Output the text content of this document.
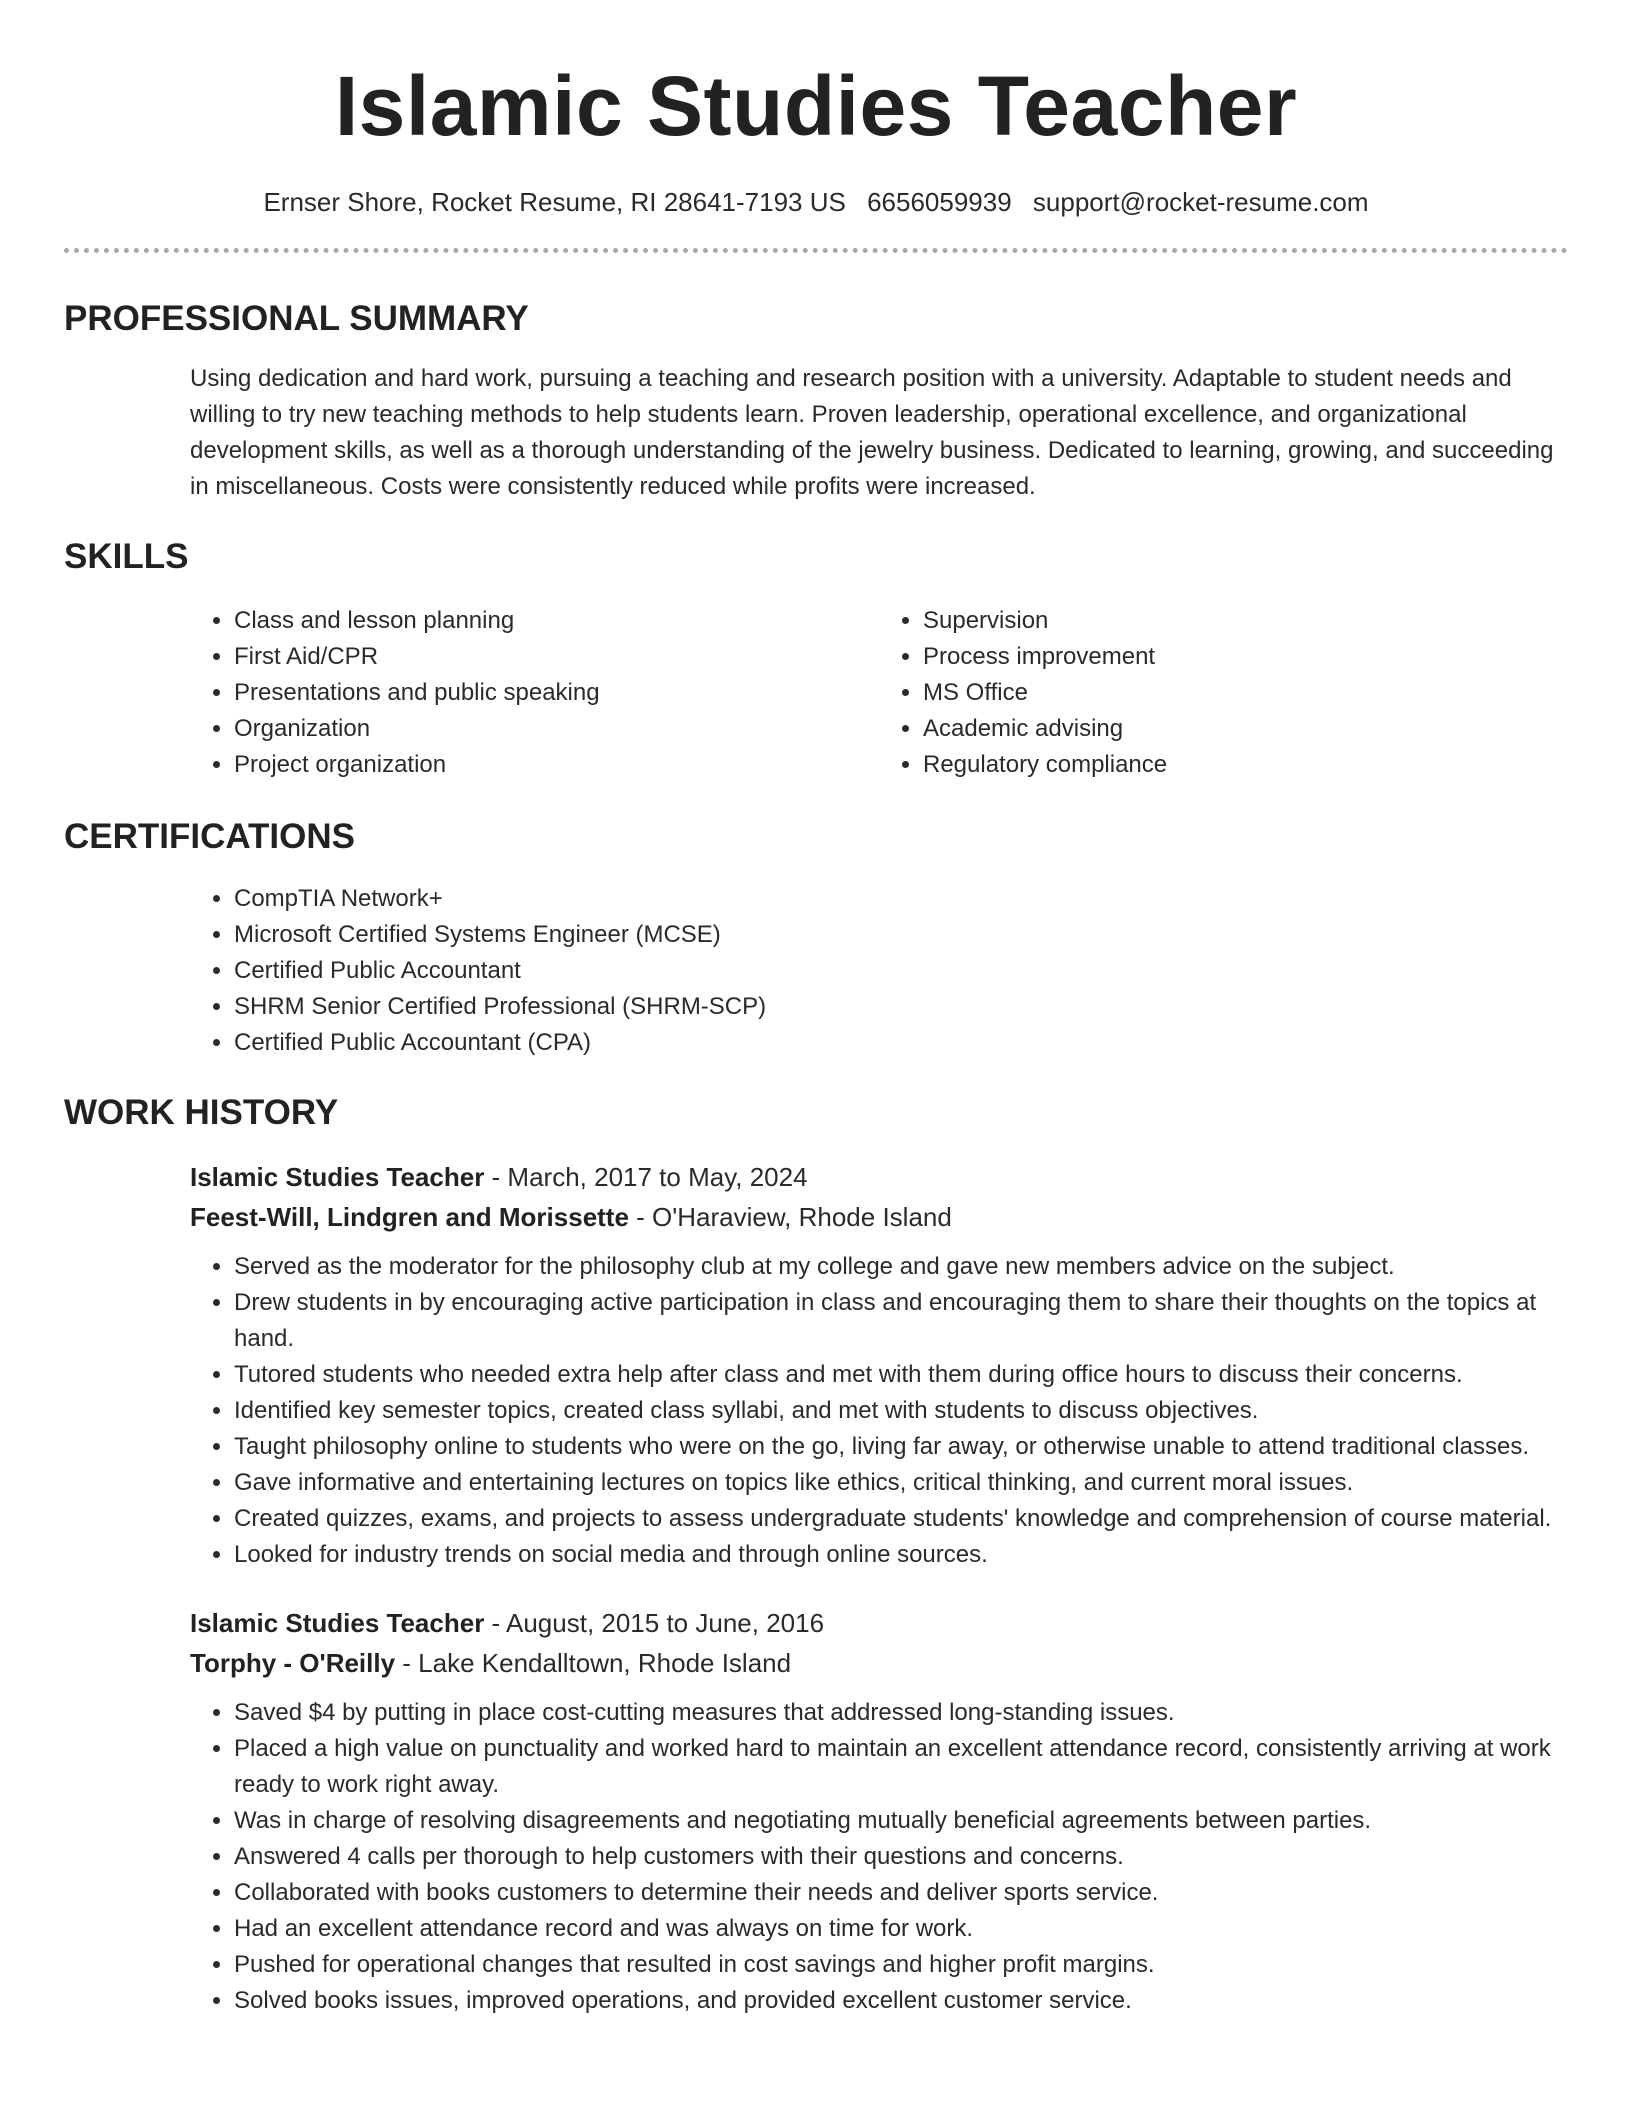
Islamic Studies Teacher
Ernser Shore, Rocket Resume, RI 28641-7193 US 6656059939 support@rocket-resume.com
PROFESSIONAL SUMMARY

Using dedication and hard work, pursuing a teaching and research position with a university. Adaptable to student needs and willing to try new teaching methods to help students learn. Proven leadership, operational excellence, and organizational development skills, as well as a thorough understanding of the jewelry business. Dedicated to learning, growing, and succeeding in miscellaneous. Costs were consistently reduced while profits were increased.

SKILLS
• Class and lesson planning
• First Aid/CPR
• Presentations and public speaking
• Organization
• Project organization
• Supervision
• Process improvement
• MS Office
• Academic advising
• Regulatory compliance
CERTIFICATIONS
• CompTIA Network+
• Microsoft Certified Systems Engineer (MCSE)
• Certified Public Accountant
• SHRM Senior Certified Professional (SHRM-SCP)
• Certified Public Accountant (CPA)
WORK HISTORY
Islamic Studies Teacher - March, 2017 to May, 2024
Feest-Will, Lindgren and Morissette - O'Haraview, Rhode Island
• Served as the moderator for the philosophy club at my college and gave new members advice on the subject.
• Drew students in by encouraging active participation in class and encouraging them to share their thoughts on the topics at hand.
• Tutored students who needed extra help after class and met with them during office hours to discuss their concerns.
• Identified key semester topics, created class syllabi, and met with students to discuss objectives.
• Taught philosophy online to students who were on the go, living far away, or otherwise unable to attend traditional classes.
• Gave informative and entertaining lectures on topics like ethics, critical thinking, and current moral issues.
• Created quizzes, exams, and projects to assess undergraduate students' knowledge and comprehension of course material.
• Looked for industry trends on social media and through online sources.
Islamic Studies Teacher - August, 2015 to June, 2016
Torphy - O'Reilly - Lake Kendalltown, Rhode Island
• Saved $4 by putting in place cost-cutting measures that addressed long-standing issues.
• Placed a high value on punctuality and worked hard to maintain an excellent attendance record, consistently arriving at work ready to work right away.
• Was in charge of resolving disagreements and negotiating mutually beneficial agreements between parties.
• Answered 4 calls per thorough to help customers with their questions and concerns.
• Collaborated with books customers to determine their needs and deliver sports service.
• Had an excellent attendance record and was always on time for work.
• Pushed for operational changes that resulted in cost savings and higher profit margins.
• Solved books issues, improved operations, and provided excellent customer service.
